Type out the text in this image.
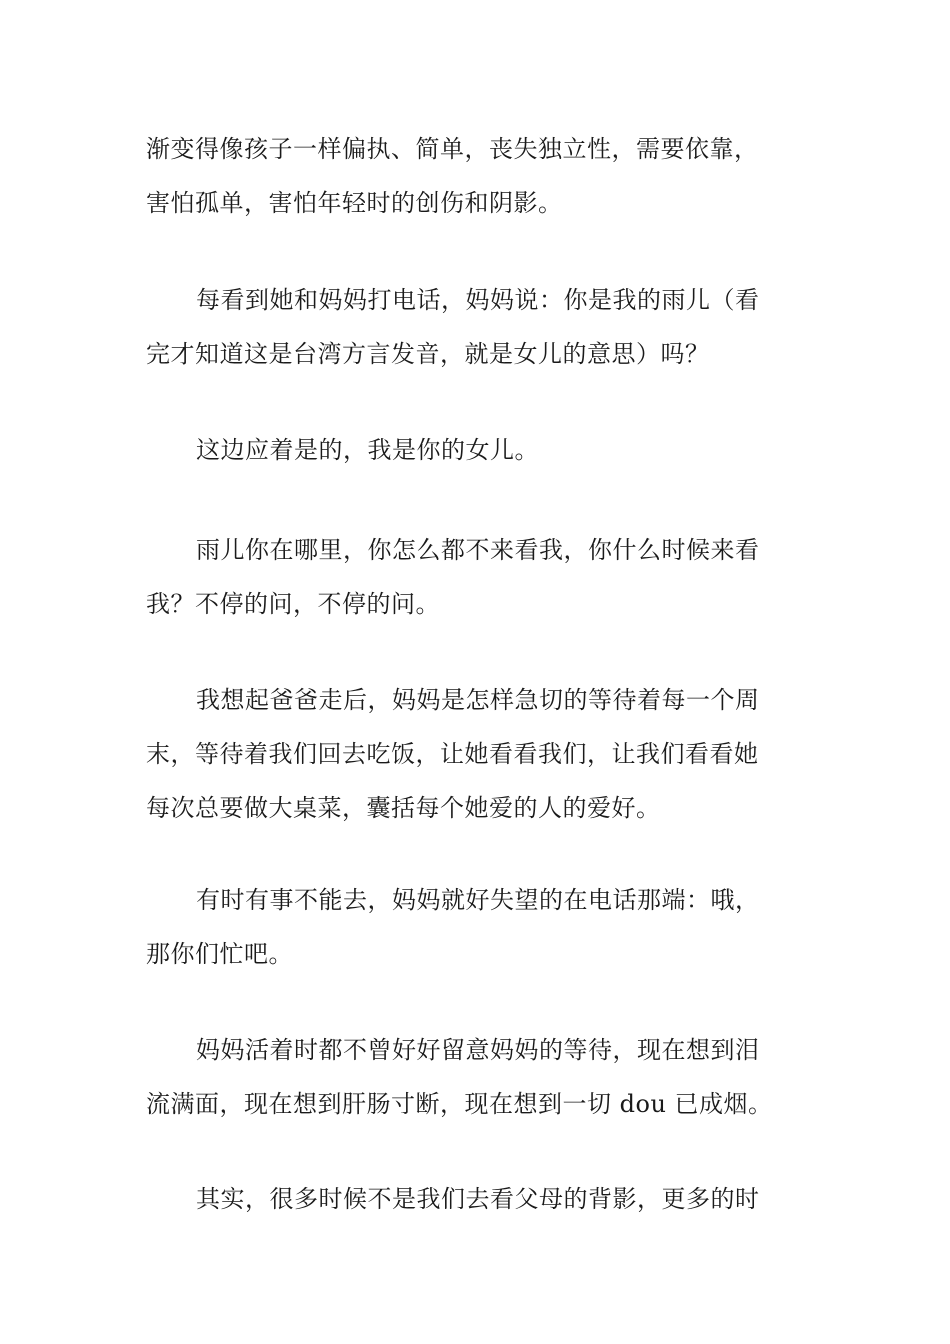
渐变得像孩子一样偏执、简单，丧失独立性，需要依靠，
害怕孤单，害怕年轻时的创伤和阴影。
每看到她和妈妈打电话，妈妈说：你是我的雨儿（看
完才知道这是台湾方言发音，就是女儿的意思）吗？
这边应着是的，我是你的女儿。
雨儿你在哪里，你怎么都不来看我，你什么时候来看
我？不停的问，不停的问。
我想起爸爸走后，妈妈是怎样急切的等待着每一个周
末，等待着我们回去吃饭，让她看看我们，让我们看看她
每次总要做大桌菜，囊括每个她爱的人的爱好。
有时有事不能去，妈妈就好失望的在电话那端：哦，
那你们忙吧。
妈妈活着时都不曾好好留意妈妈的等待，现在想到泪
流满面，现在想到肝肠寸断，现在想到一切 dou 已成烟。
其实，很多时候不是我们去看父母的背影，更多的时
